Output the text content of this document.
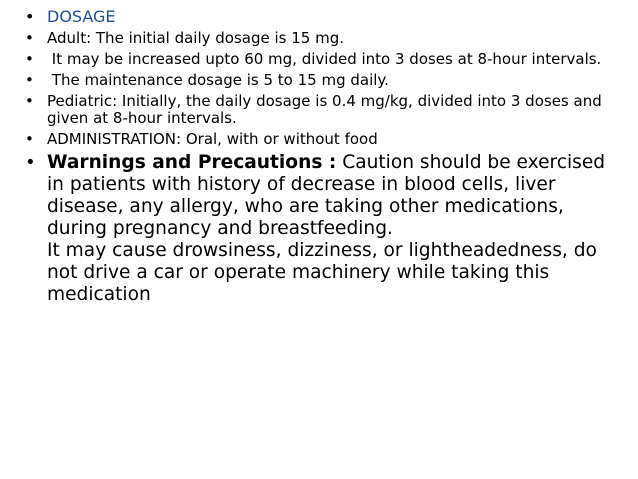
• DOSAGE
• Adult: The initial daily dosage is 15 mg.
• It may be increased upto 60 mg, divided into 3 doses at 8-hour intervals.
• The maintenance dosage is 5 to 15 mg daily.
• Pediatric: Initially, the daily dosage is 0.4 mg/kg, divided into 3 doses and given at 8-hour intervals.
• ADMINISTRATION: Oral, with or without food
• Warnings and Precautions : Caution should be exercised in patients with history of decrease in blood cells, liver disease, any allergy, who are taking other medications, during pregnancy and breastfeeding.
It may cause drowsiness, dizziness, or lightheadedness, do not drive a car or operate machinery while taking this medication
